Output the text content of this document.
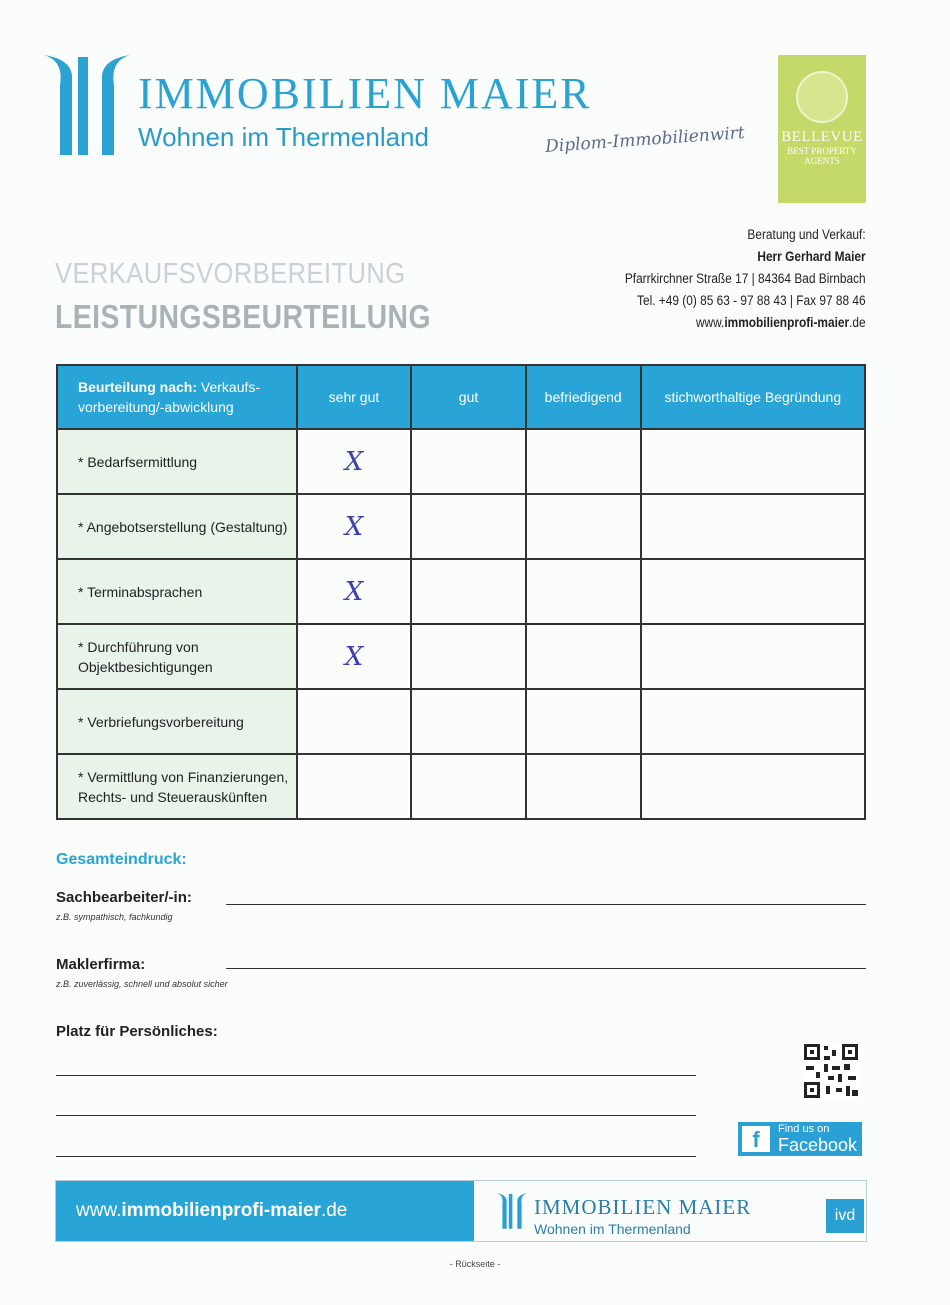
IMMOBILIEN MAIER
Wohnen im Thermenland	Diplom-Immobilienwirt BELLEVUE
BEST PROPERTY
AGENTS
Beratung und Verkauf:
Herr Gerhard Maier
Pfarrkirchner Straße 17 | 84364 Bad Birnbach
Tel. +49 (0) 85 63 - 97 88 43 | Fax 97 88 46
www.immobilienprofi-maier.de
VERKAUFSVORBEREITUNG
LEISTUNGSBEURTEILUNG
Beurteilung nach: Verkaufs-vorbereitung/-abwicklung	sehr gut	gut	befriedigend	stichworthaltige Begründung
* Bedarfsermittlung	X			
* Angebotserstellung (Gestaltung)	X			
* Terminabsprachen	X			
* Durchführung von Objektbesichtigungen	X			
* Verbriefungsvorbereitung				
* Vermittlung von Finanzierungen, Rechts- und Steuerauskünften				
Gesamteindruck:
Sachbearbeiter/-in:
z.B. sympathisch, fachkundig
Maklerfirma:
z.B. zuverlässig, schnell und absolut sicher
Platz für Persönliches:
f	Find us on
Facebook
www.immobilienprofi-maier.de	IMMOBILIEN MAIER
Wohnen im Thermenland
ivd
- Rückseite -
